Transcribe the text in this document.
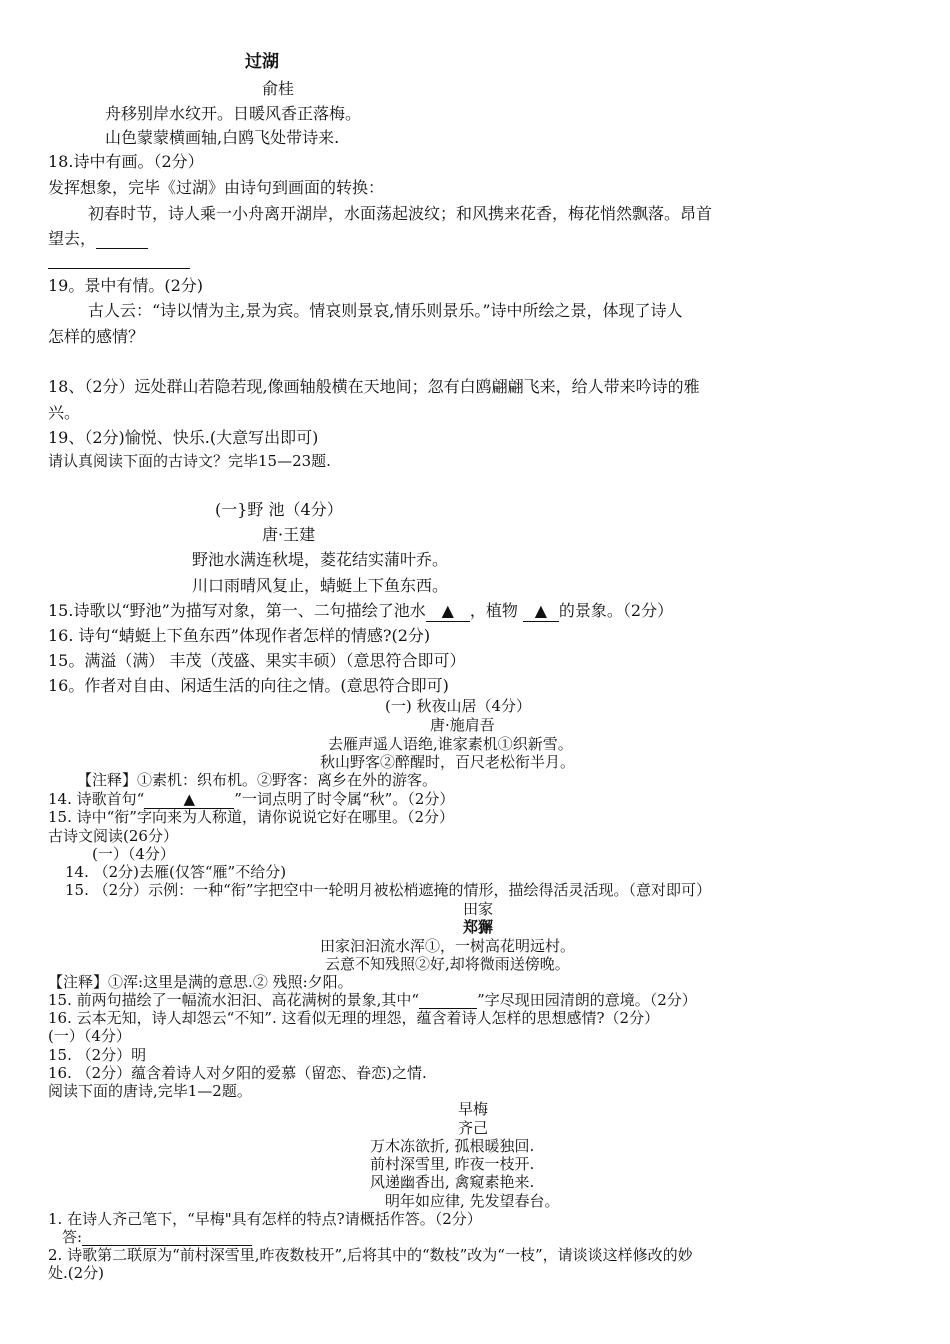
过湖
俞桂
舟移别岸水纹开。日暖风香正落梅。
山色蒙蒙横画轴,白鸥飞处带诗来.
18.诗中有画。（2分）
发挥想象，完毕《过湖》由诗句到画面的转换：
初春时节，诗人乘一小舟离开湖岸，水面荡起波纹；和风携来花香，梅花悄然飘落。昂首
望去，
19。景中有情。(2分)
古人云：“诗以情为主,景为宾。情哀则景哀,情乐则景乐。”诗中所绘之景，体现了诗人
怎样的感情？
18、（2分）远处群山若隐若现,像画轴般横在天地间；忽有白鸥翩翩飞来，给人带来吟诗的雅
兴。
19、（2分)愉悦、快乐.(大意写出即可)
请认真阅读下面的古诗文？完毕15—23题.
(一}野 池（4分）
唐·王建
野池水满连秋堤，菱花结实蒲叶乔。
川口雨晴风复止，蜻蜓上下鱼东西。
15.诗歌以“野池”为描写对象，第一、二句描绘了池水 ▲ ，植物 ▲ 的景象。（2分）
16. 诗句“蜻蜓上下鱼东西”体现作者怎样的情感?(2分)
15。满溢（满） 丰茂（茂盛、果实丰硕）（意思符合即可）
16。作者对自由、闲适生活的向往之情。(意思符合即可)
(一) 秋夜山居（4分）
唐·施肩吾
去雁声遥人语绝,谁家素机①织新雪。
秋山野客②醉醒时，百尺老松衔半月。
【注释】①素机：织布机。②野客：离乡在外的游客。
14. 诗歌首句“	▲	”一词点明了时令属“秋”。（2分）
15. 诗中“衔”字向来为人称道，请你说说它好在哪里。（2分）
古诗文阅读(26分）
(一）（4分）
14. （2分)去雁(仅答“雁”不给分)
15. （2分）示例：一种“衔”字把空中一轮明月被松梢遮掩的情形，描绘得活灵活现。（意对即可）
田家
郑獬
田家汩汩流水浑①，一树高花明远村。
云意不知残照②好,却将微雨送傍晚。
【注释】①浑:这里是满的意思.② 残照:夕阳。
15. 前两句描绘了一幅流水汩汩、高花满树的景象,其中“	”字尽现田园清朗的意境。（2分）
16. 云本无知，诗人却怨云“不知”. 这看似无理的埋怨，蕴含着诗人怎样的思想感情?（2分）
(一）（4分）
15. （2分）明
16. （2分）蕴含着诗人对夕阳的爱慕（留恋、眷恋)之情.
阅读下面的唐诗,完毕1—2题。
早梅
齐己
万木冻欲折, 孤根暖独回.
前村深雪里, 昨夜一枝开.
风递幽香出, 禽窥素艳来.
明年如应律, 先发望春台。
1. 在诗人齐己笔下，“早梅"具有怎样的特点?请概括作答。（2分）
答:
2. 诗歌第二联原为“前村深雪里,昨夜数枝开”,后将其中的“数枝”改为“一枝”，请谈谈这样修改的妙
处.(2分)
